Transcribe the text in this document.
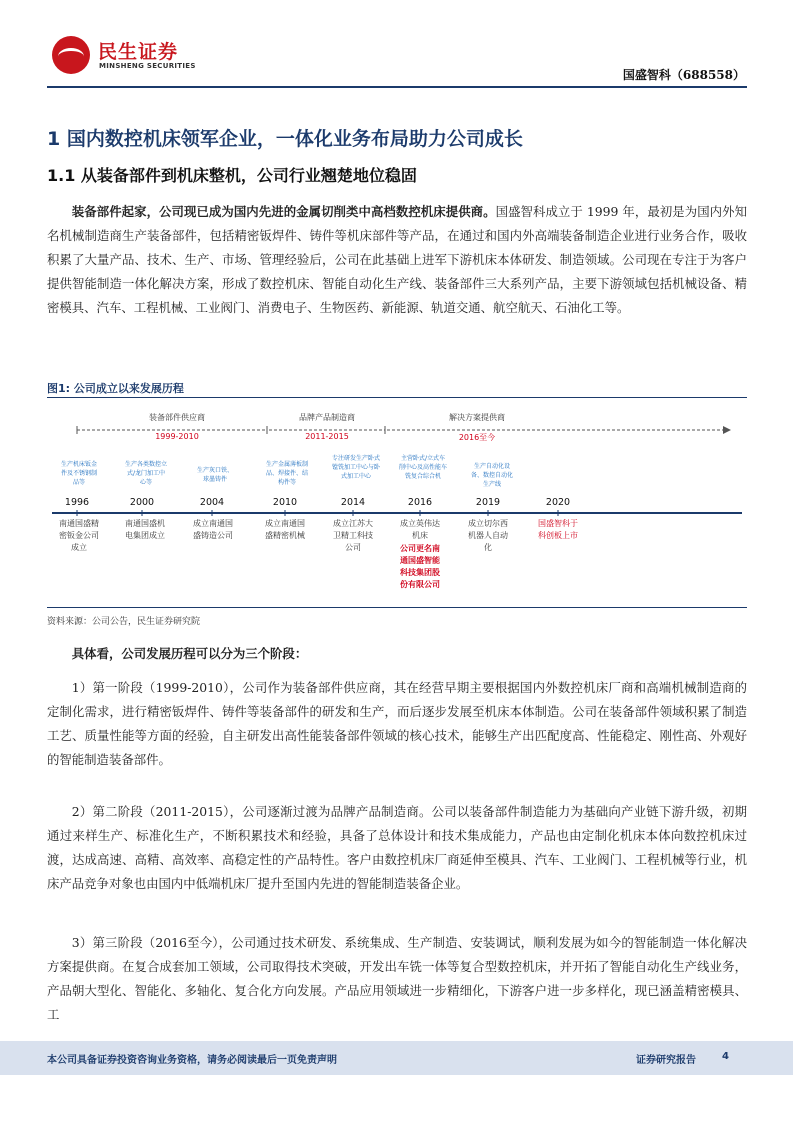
民生证券
MINSHENG SECURITIES
国盛智科（688558）
1 国内数控机床领军企业，一体化业务布局助力公司成长
1.1 从装备部件到机床整机，公司行业翘楚地位稳固

装备部件起家，公司现已成为国内先进的金属切削类中高档数控机床提供商。国盛智科成立于 1999 年，最初是为国内外知名机械制造商生产装备部件，包括精密钣焊件、铸件等机床部件等产品，在通过和国内外高端装备制造企业进行业务合作，吸收积累了大量产品、技术、生产、市场、管理经验后，公司在此基础上进军下游机床本体研发、制造领域。公司现在专注于为客户提供智能制造一体化解决方案，形成了数控机床、智能自动化生产线、装备部件三大系列产品，主要下游领域包括机械设备、精密模具、汽车、工程机械、工业阀门、消费电子、生物医药、新能源、轨道交通、航空航天、石油化工等。

图1: 公司成立以来发展历程
装备部件供应商
1999-2010
品牌产品制造商
2011-2015
解决方案提供商
2016至今
生产机床钣金件及不锈钢制品等
生产各类数控立式/龙门加工中心等
生产灰口铁、球墨铸件
生产金属薄板制品、焊接件、结构件等
专注研发生产卧式镗铣加工中心与卧式加工中心
主营卧式/立式车削中心及高性能车铣复合综合机
生产自动化设备、数控自动化生产线
1996	2000	2004	2010	2014	2016	2019	2020
南通国盛精密钣金公司成立
南通国盛机电集团成立
成立南通国盛铸造公司
成立南通国盛精密机械
成立江苏大卫精工科技公司
成立英伟达机床
公司更名南通国盛智能科技集团股份有限公司
成立切尔西机器人自动化
国盛智科于科创板上市
资料来源：公司公告，民生证券研究院

具体看，公司发展历程可以分为三个阶段：

1）第一阶段（1999-2010），公司作为装备部件供应商，其在经营早期主要根据国内外数控机床厂商和高端机械制造商的定制化需求，进行精密钣焊件、铸件等装备部件的研发和生产，而后逐步发展至机床本体制造。公司在装备部件领域积累了制造工艺、质量性能等方面的经验，自主研发出高性能装备部件领域的核心技术，能够生产出匹配度高、性能稳定、刚性高、外观好的智能制造装备部件。

2）第二阶段（2011-2015），公司逐渐过渡为品牌产品制造商。公司以装备部件制造能力为基础向产业链下游升级，初期通过来样生产、标准化生产，不断积累技术和经验，具备了总体设计和技术集成能力，产品也由定制化机床本体向数控机床过渡，达成高速、高精、高效率、高稳定性的产品特性。客户由数控机床厂商延伸至模具、汽车、工业阀门、工程机械等行业，机床产品竞争对象也由国内中低端机床厂提升至国内先进的智能制造装备企业。

3）第三阶段（2016至今），公司通过技术研发、系统集成、生产制造、安装调试，顺利发展为如今的智能制造一体化解决方案提供商。在复合成套加工领域，公司取得技术突破，开发出车铣一体等复合型数控机床，并开拓了智能自动化生产线业务，产品朝大型化、智能化、多轴化、复合化方向发展。产品应用领域进一步精细化，下游客户进一步多样化，现已涵盖精密模具、工

本公司具备证券投资咨询业务资格，请务必阅读最后一页免责声明	证券研究报告	4
